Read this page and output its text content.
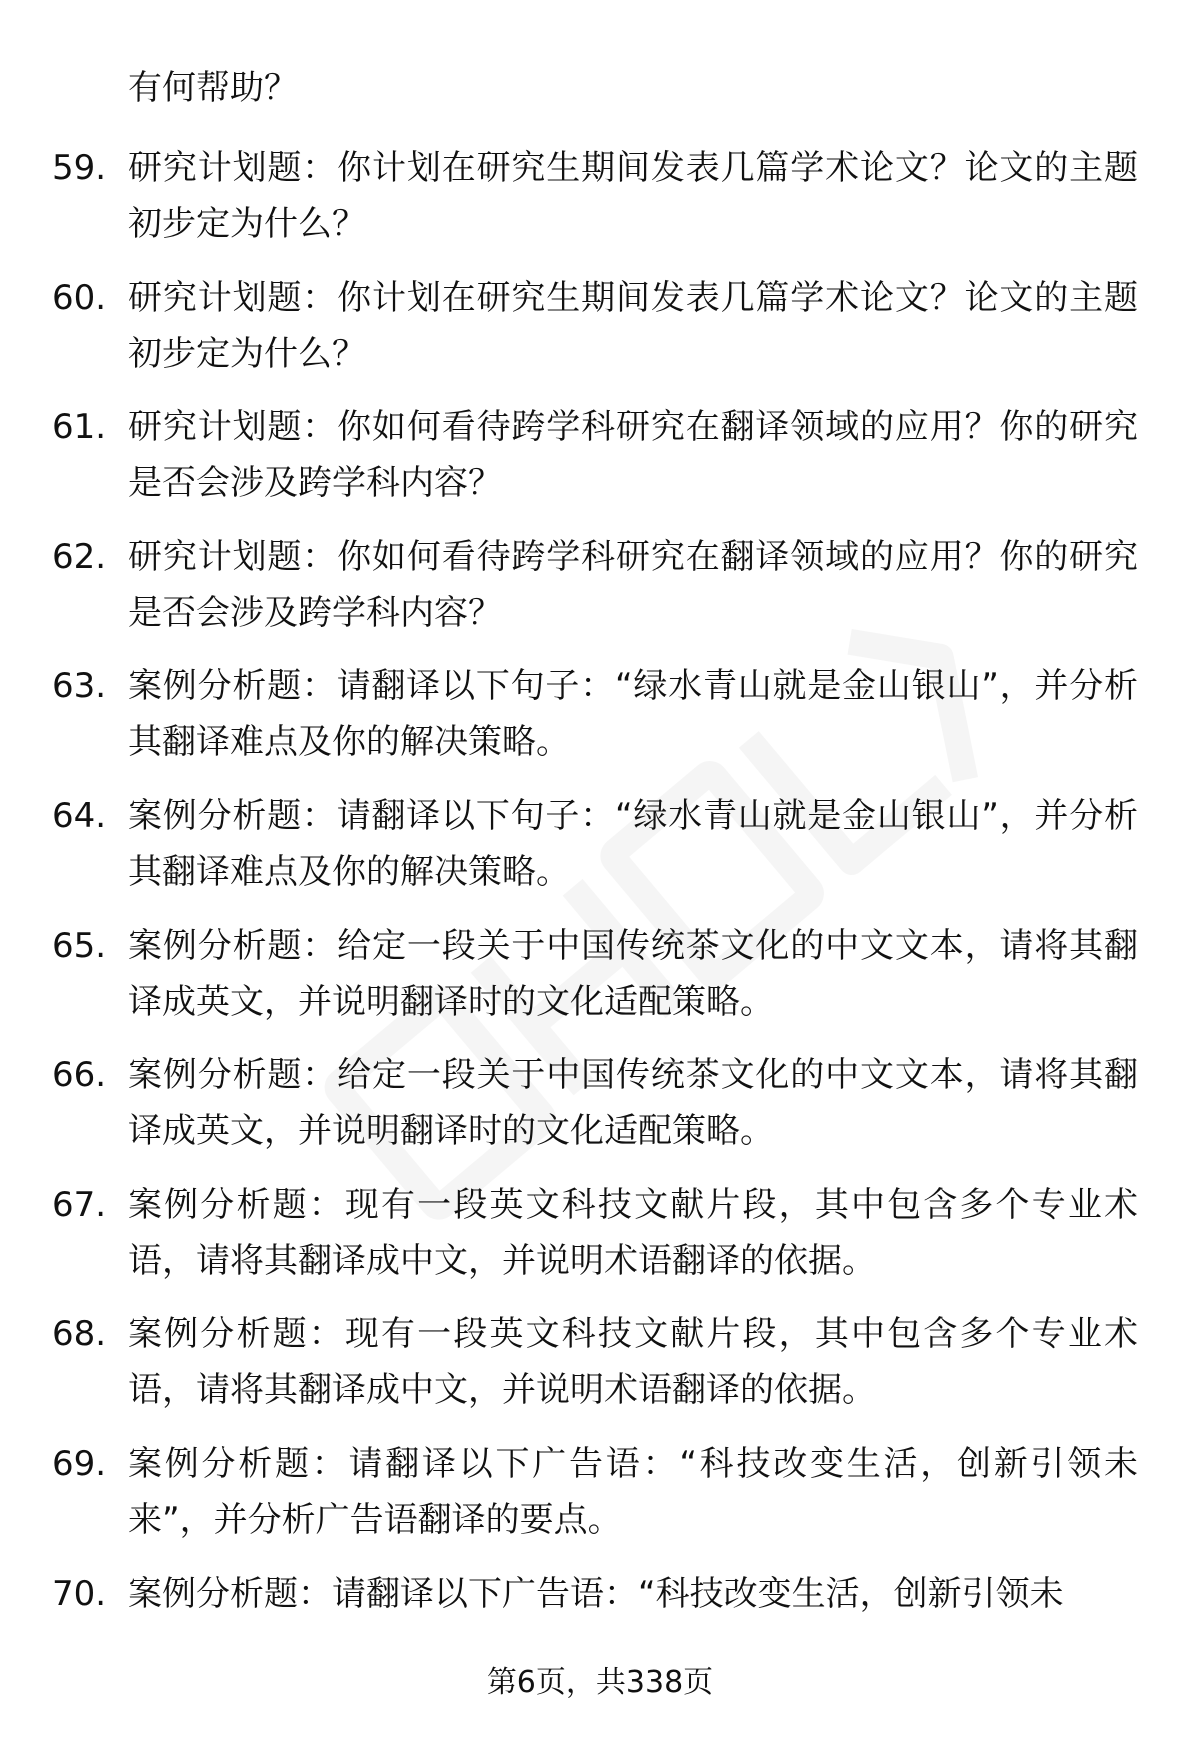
有何帮助？
59. 研究计划题：你计划在研究生期间发表几篇学术论文？论文的主题初步定为什么？
60. 研究计划题：你计划在研究生期间发表几篇学术论文？论文的主题初步定为什么？
61. 研究计划题：你如何看待跨学科研究在翻译领域的应用？你的研究是否会涉及跨学科内容？
62. 研究计划题：你如何看待跨学科研究在翻译领域的应用？你的研究是否会涉及跨学科内容？
63. 案例分析题：请翻译以下句子：“绿水青山就是金山银山”，并分析其翻译难点及你的解决策略。
64. 案例分析题：请翻译以下句子：“绿水青山就是金山银山”，并分析其翻译难点及你的解决策略。
65. 案例分析题：给定一段关于中国传统茶文化的中文文本，请将其翻译成英文，并说明翻译时的文化适配策略。
66. 案例分析题：给定一段关于中国传统茶文化的中文文本，请将其翻译成英文，并说明翻译时的文化适配策略。
67. 案例分析题：现有一段英文科技文献片段，其中包含多个专业术语，请将其翻译成中文，并说明术语翻译的依据。
68. 案例分析题：现有一段英文科技文献片段，其中包含多个专业术语，请将其翻译成中文，并说明术语翻译的依据。
69. 案例分析题：请翻译以下广告语：“科技改变生活，创新引领未来”，并分析广告语翻译的要点。
70. 案例分析题：请翻译以下广告语：“科技改变生活，创新引领未
第6页，共338页
